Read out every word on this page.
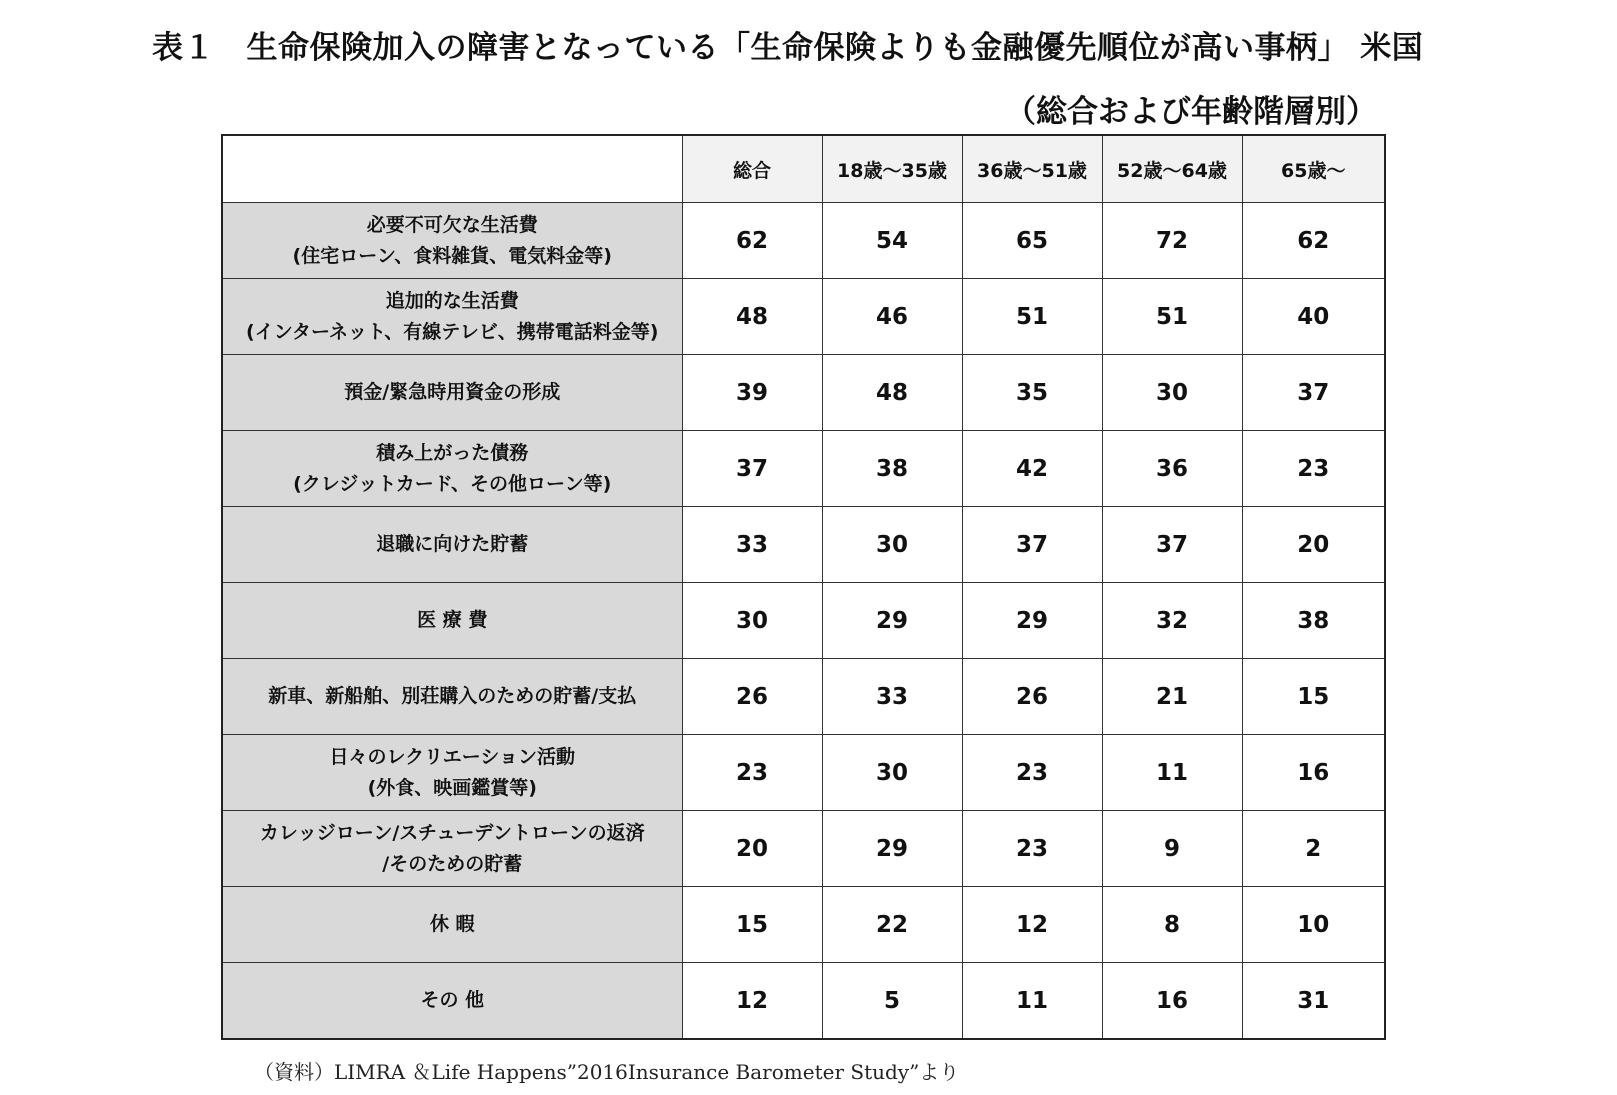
表１　生命保険加入の障害となっている「生命保険よりも金融優先順位が高い事柄」 米国
（総合および年齢階層別）
	総合	18歳～35歳	36歳～51歳	52歳～64歳	65歳～

必要不可欠な生活費
(住宅ローン、食料雑貨、電気料金等)	62	54	65	72	62

追加的な生活費
(インターネット、有線テレビ、携帯電話料金等)	48	46	51	51	40

預金/緊急時用資金の形成	39	48	35	30	37

積み上がった債務
(クレジットカード、その他ローン等)	37	38	42	36	23

退職に向けた貯蓄	33	30	37	37	20

医 療 費	30	29	29	32	38

新車、新船舶、別荘購入のための貯蓄/支払	26	33	26	21	15

日々のレクリエーション活動
(外食、映画鑑賞等)	23	30	23	11	16

カレッジローン/スチューデントローンの返済
/そのための貯蓄	20	29	23	9	2

休 暇	15	22	12	8	10

その 他	12	5	11	16	31
（資料）LIMRA ＆Life Happens”2016Insurance Barometer Study”より
